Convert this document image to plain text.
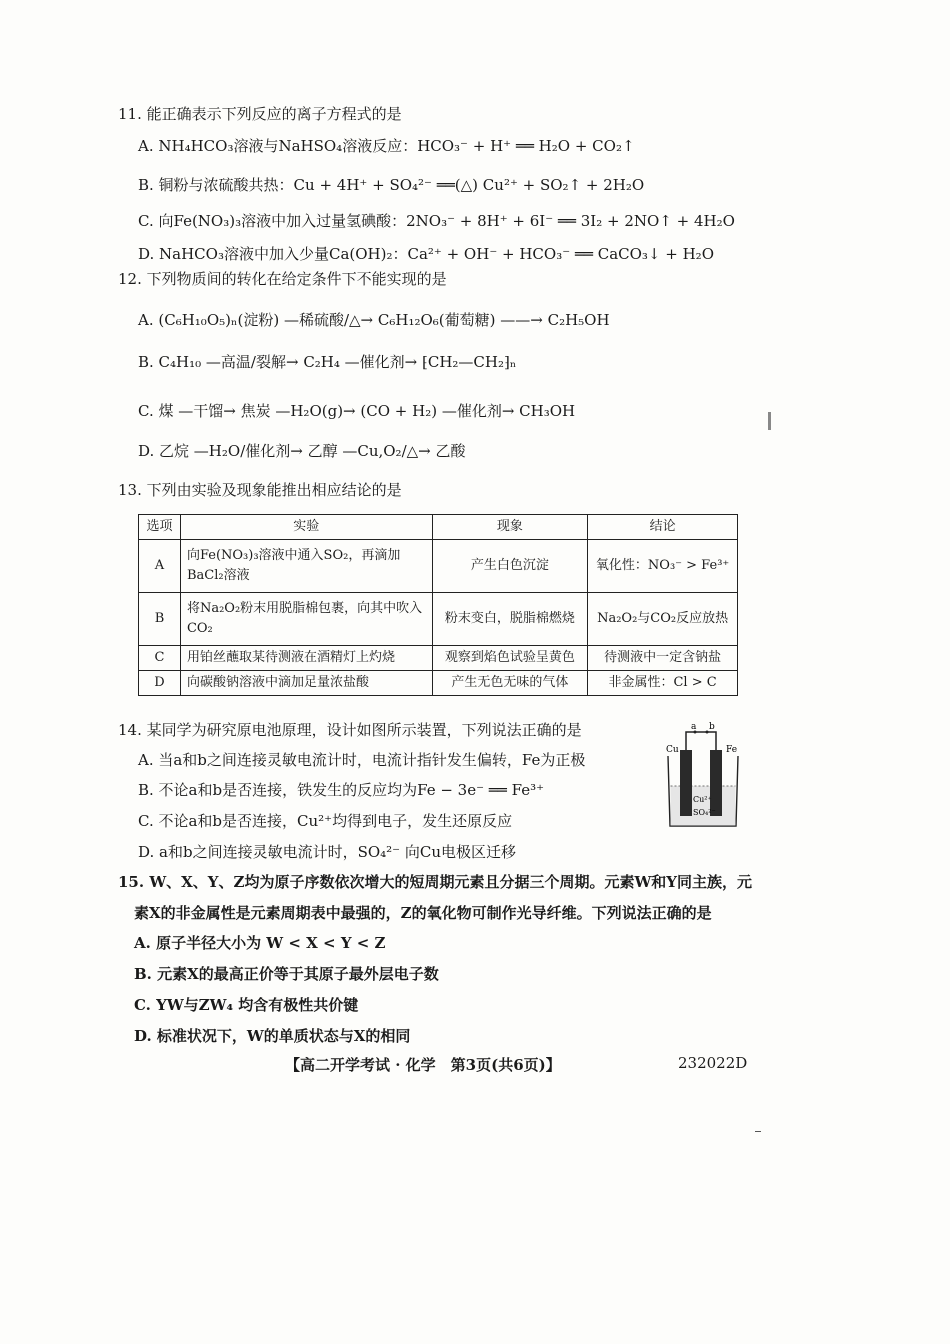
11. 能正确表示下列反应的离子方程式的是
A. NH₄HCO₃溶液与NaHSO₄溶液反应：HCO₃⁻ + H⁺ ══ H₂O + CO₂↑
B. 铜粉与浓硫酸共热：Cu + 4H⁺ + SO₄²⁻ ══(△) Cu²⁺ + SO₂↑ + 2H₂O
C. 向Fe(NO₃)₃溶液中加入过量氢碘酸：2NO₃⁻ + 8H⁺ + 6I⁻ ══ 3I₂ + 2NO↑ + 4H₂O
D. NaHCO₃溶液中加入少量Ca(OH)₂：Ca²⁺ + OH⁻ + HCO₃⁻ ══ CaCO₃↓ + H₂O
12. 下列物质间的转化在给定条件下不能实现的是
A. (C₆H₁₀O₅)ₙ(淀粉) —稀硫酸/△→ C₆H₁₂O₆(葡萄糖) ——→ C₂H₅OH
B. C₄H₁₀ —高温/裂解→ C₂H₄ —催化剂→ ⁅CH₂—CH₂⁆ₙ
C. 煤 —干馏→ 焦炭 —H₂O(g)→ (CO + H₂) —催化剂→ CH₃OH
D. 乙烷 —H₂O/催化剂→ 乙醇 —Cu,O₂/△→ 乙酸
13. 下列由实验及现象能推出相应结论的是
选项	实验	现象	结论
A	向Fe(NO₃)₃溶液中通入SO₂，再滴加BaCl₂溶液	产生白色沉淀	氧化性：NO₃⁻ > Fe³⁺
B	将Na₂O₂粉末用脱脂棉包裹，向其中吹入CO₂	粉末变白，脱脂棉燃烧	Na₂O₂与CO₂反应放热
C	用铂丝蘸取某待测液在酒精灯上灼烧	观察到焰色试验呈黄色	待测液中一定含钠盐
D	向碳酸钠溶液中滴加足量浓盐酸	产生无色无味的气体	非金属性：Cl > C
14. 某同学为研究原电池原理，设计如图所示装置，下列说法正确的是
A. 当a和b之间连接灵敏电流计时，电流计指针发生偏转，Fe为正极
B. 不论a和b是否连接，铁发生的反应均为Fe − 3e⁻ ══ Fe³⁺
C. 不论a和b是否连接，Cu²⁺均得到电子，发生还原反应
D. a和b之间连接灵敏电流计时，SO₄²⁻ 向Cu电极区迁移
a b
Cu	Fe
Cu²⁺
SO₄²⁻
15. W、X、Y、Z均为原子序数依次增大的短周期元素且分据三个周期。元素W和Y同主族，元
素X的非金属性是元素周期表中最强的，Z的氧化物可制作光导纤维。下列说法正确的是
A. 原子半径大小为 W < X < Y < Z
B. 元素X的最高正价等于其原子最外层电子数
C. YW与ZW₄ 均含有极性共价键
D. 标准状况下，W的单质状态与X的相同
【高二开学考试 · 化学　第3页(共6页)】	232022D
